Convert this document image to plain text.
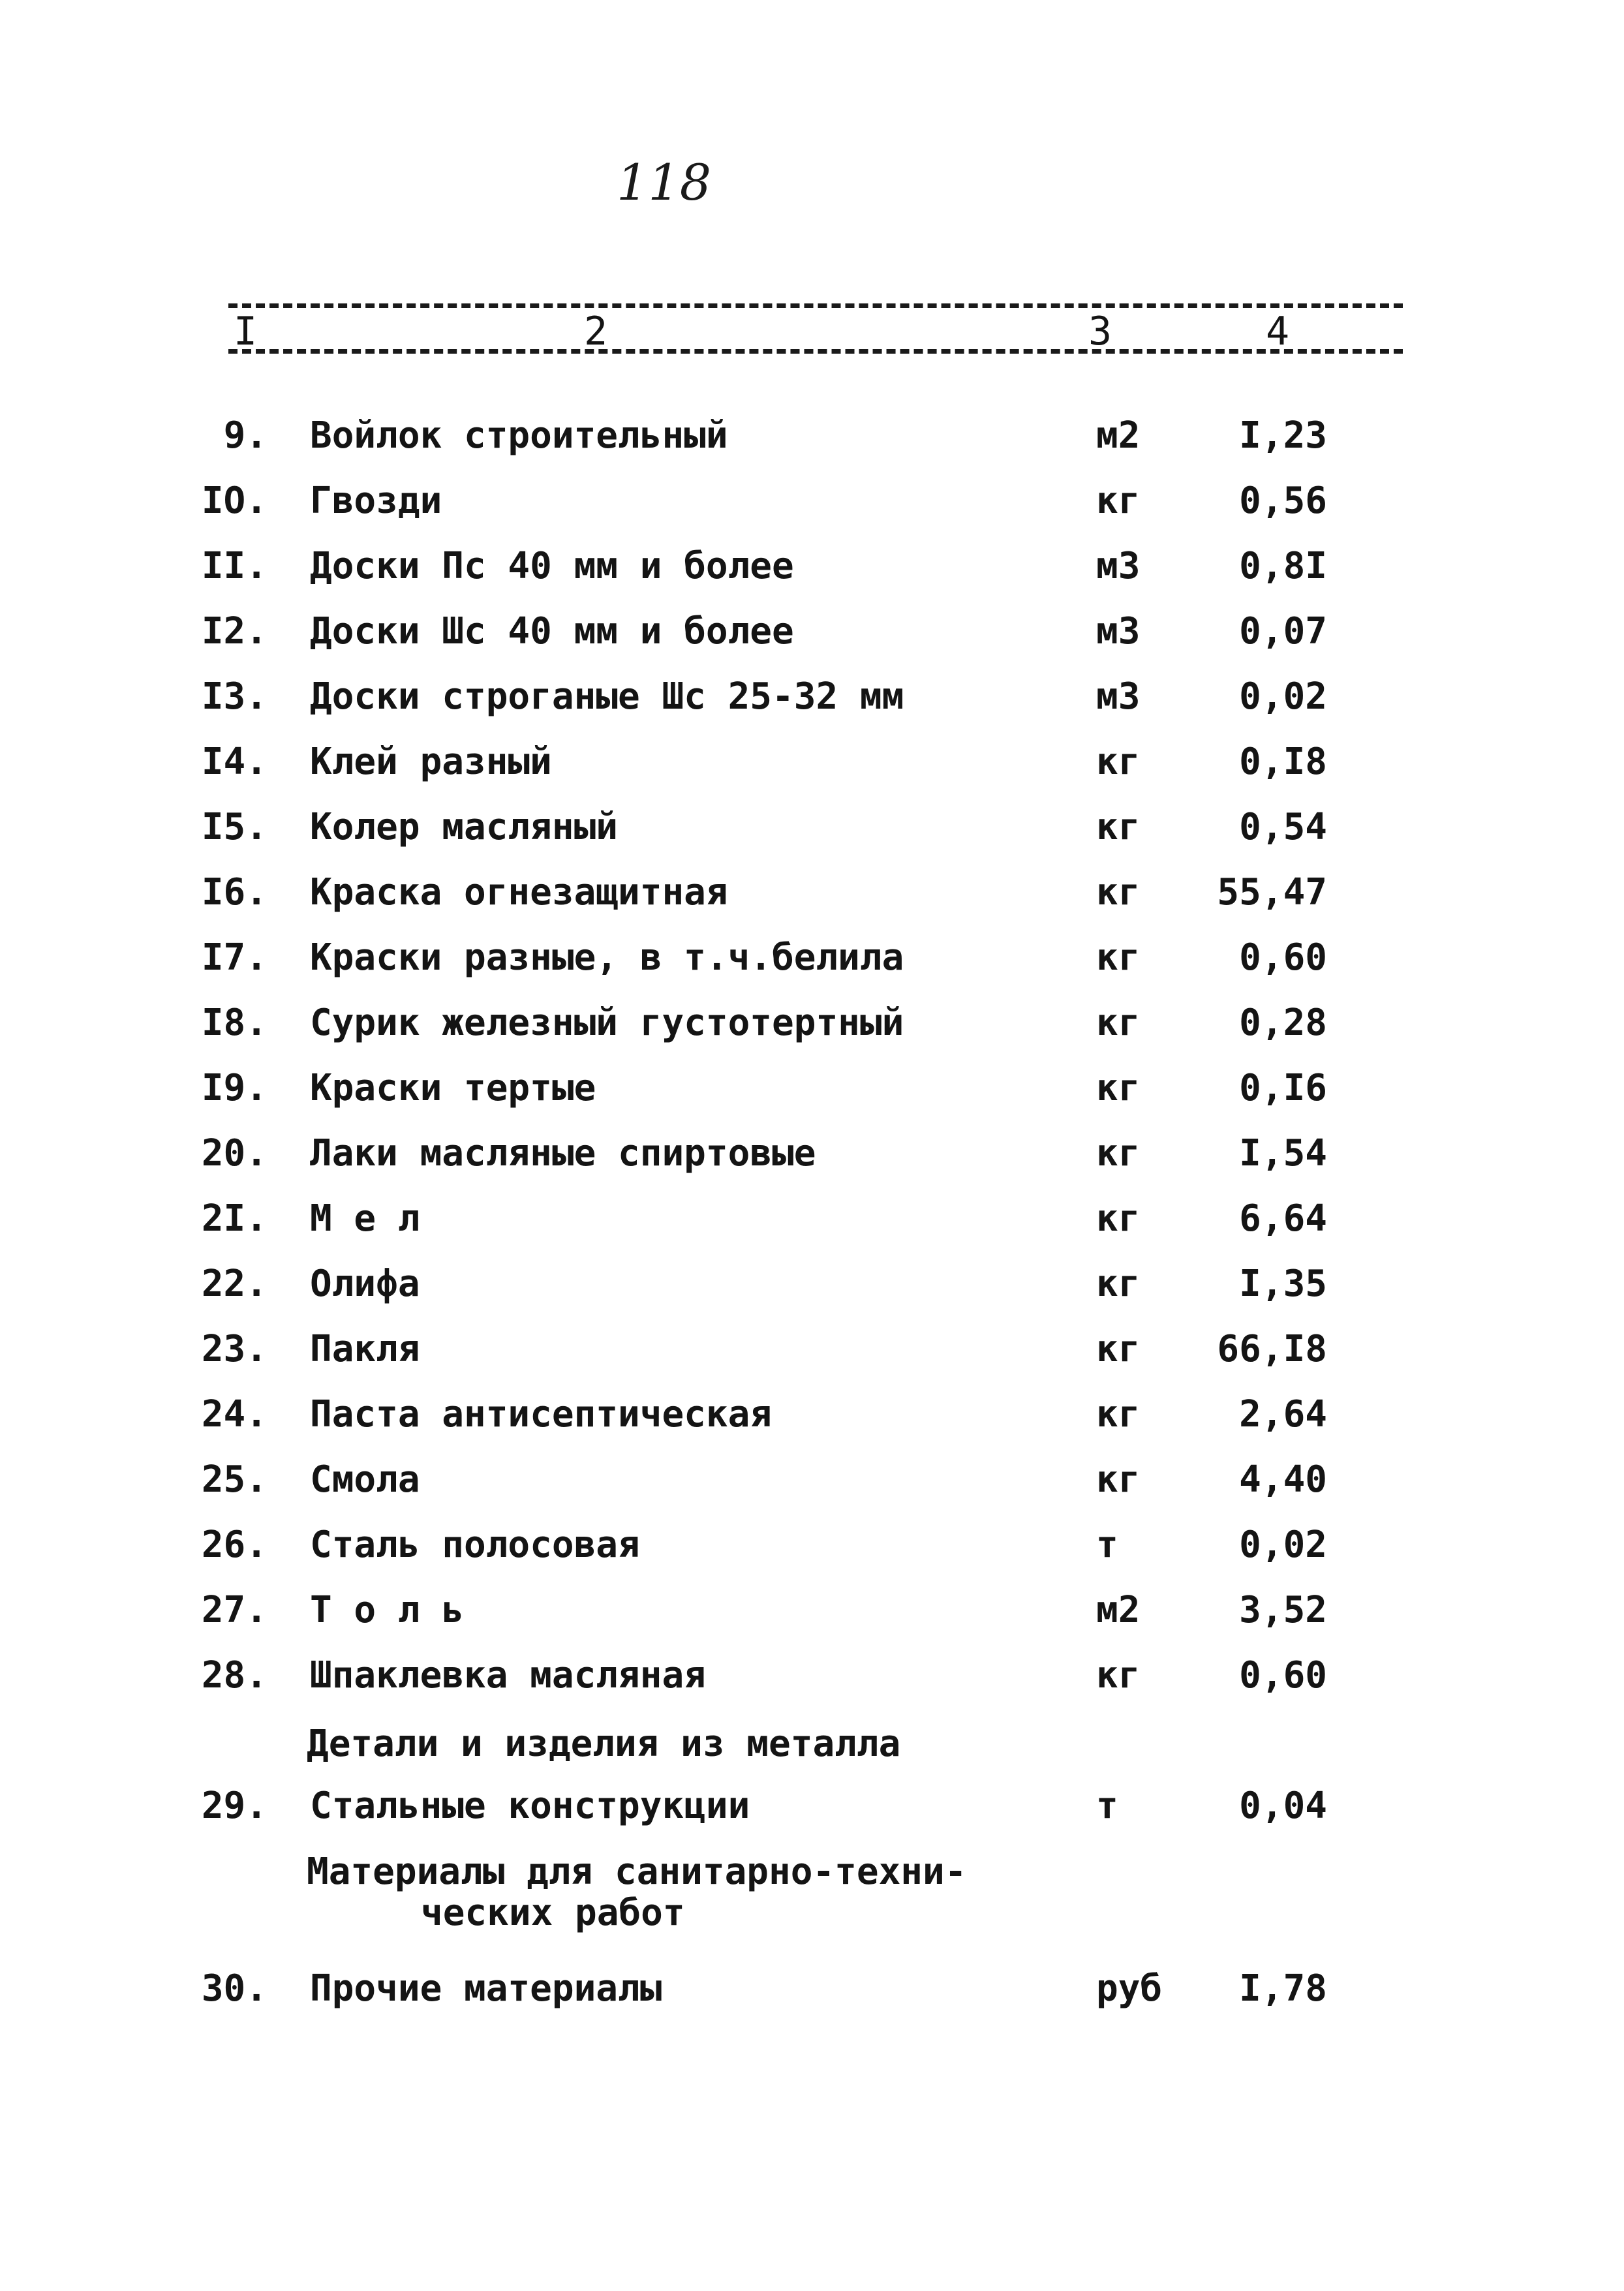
118
I	2	3	4
9. Войлок строительный	м2	I,23
IO. Гвозди	кг	0,56
II. Доски Пс 40 мм и более	м3	0,8I
I2. Доски Шс 40 мм и более	м3	0,07
I3. Доски строганые Шс 25-32 мм	м3	0,02
I4. Клей разный	кг	0,I8
I5. Колер масляный	кг	0,54
I6. Краска огнезащитная	кг 55,47
I7. Краски разные, в т.ч.белила	кг	0,60
I8. Сурик железный густотертный	кг	0,28
I9. Краски тертые	кг	0,I6
20. Лаки масляные спиртовые	кг	I,54
2I. М е л	кг	6,64
22. Олифа	кг	I,35
23. Пакля	кг 66,I8
24. Паста антисептическая	кг	2,64
25. Смола	кг	4,40
26. Сталь полосовая	т	0,02
27. Т о л ь	м2	3,52
28. Шпаклевка масляная	кг	0,60
29. Стальные конструкции	т	0,04
Детали и изделия из металла
Материалы для санитарно-техни-
ческих работ
30. Прочие материалы	руб I,78
